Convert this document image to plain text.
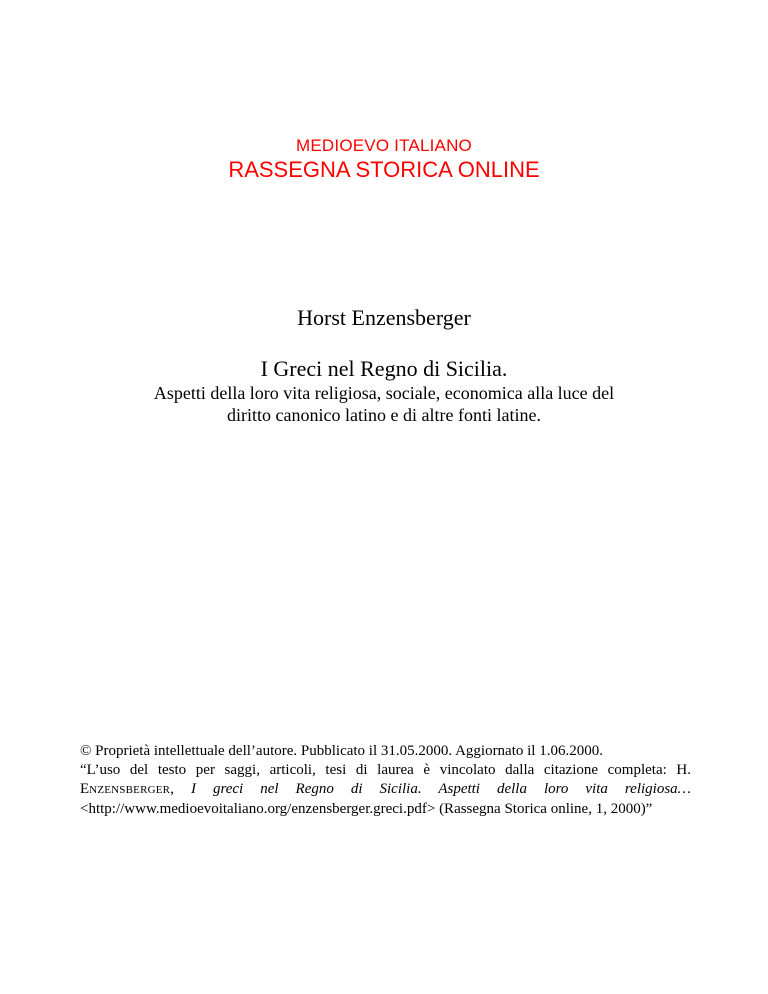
MEDIOEVO ITALIANO
RASSEGNA STORICA ONLINE
Horst Enzensberger
I Greci nel Regno di Sicilia.
Aspetti della loro vita religiosa, sociale, economica alla luce del
diritto canonico latino e di altre fonti latine.

© Proprietà intellettuale dell’autore. Pubblicato il 31.05.2000. Aggiornato il 1.06.2000.

“L’uso del testo per saggi, articoli, tesi di laurea è vincolato dalla citazione completa: H. ENZENSBERGER, I greci nel Regno di Sicilia. Aspetti della loro vita religiosa… <http://www.medioevoitaliano.org/enzensberger.greci.pdf> (Rassegna Storica online, 1, 2000)”
